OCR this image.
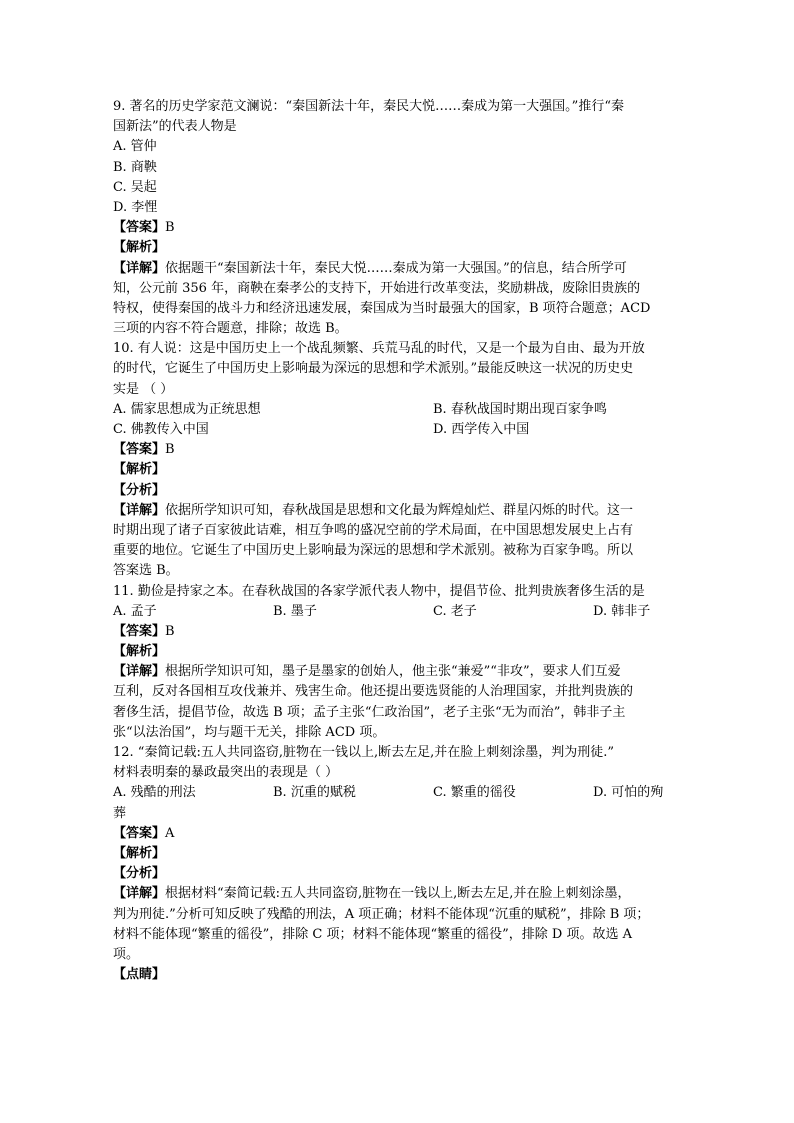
9. 著名的历史学家范文澜说：“秦国新法十年，秦民大悦……秦成为第一大强国。”推行“秦
国新法”的代表人物是
A. 管仲
B. 商鞅
C. 吴起
D. 李悝
【答案】B
【解析】
【详解】依据题干“秦国新法十年，秦民大悦……秦成为第一大强国。”的信息，结合所学可
知，公元前 356 年，商鞅在秦孝公的支持下，开始进行改革变法，奖励耕战，废除旧贵族的
特权，使得秦国的战斗力和经济迅速发展，秦国成为当时最强大的国家，B 项符合题意；ACD
三项的内容不符合题意，排除；故选 B。
10. 有人说：这是中国历史上一个战乱频繁、兵荒马乱的时代，又是一个最为自由、最为开放
的时代，它诞生了中国历史上影响最为深远的思想和学术派别。”最能反映这一状况的历史史
实是 （ ）
A. 儒家思想成为正统思想	B. 春秋战国时期出现百家争鸣
C. 佛教传入中国	D. 西学传入中国
【答案】B
【解析】
【分析】
【详解】依据所学知识可知，春秋战国是思想和文化最为辉煌灿烂、群星闪烁的时代。这一
时期出现了诸子百家彼此诘难，相互争鸣的盛况空前的学术局面，在中国思想发展史上占有
重要的地位。它诞生了中国历史上影响最为深远的思想和学术派别。被称为百家争鸣。所以
答案选 B。
11. 勤俭是持家之本。在春秋战国的各家学派代表人物中，提倡节俭、批判贵族奢侈生活的是
A. 孟子	B. 墨子	C. 老子	D. 韩非子
【答案】B
【解析】
【详解】根据所学知识可知，墨子是墨家的创始人，他主张“兼爱”“非攻”，要求人们互爱
互利，反对各国相互攻伐兼并、残害生命。他还提出要选贤能的人治理国家，并批判贵族的
奢侈生活，提倡节俭，故选 B 项；孟子主张“仁政治国”，老子主张“无为而治”，韩非子主
张“以法治国”，均与题干无关，排除 ACD 项。
12. “秦简记载:五人共同盗窃,脏物在一钱以上,断去左足,并在脸上刺刻涂墨，判为刑徒.”
材料表明秦的暴政最突出的表现是（ ）
A. 残酷的刑法	B. 沉重的赋税	C. 繁重的徭役	D. 可怕的殉
葬
【答案】A
【解析】
【分析】
【详解】根据材料“秦简记载:五人共同盗窃,脏物在一钱以上,断去左足,并在脸上刺刻涂墨，
判为刑徒.”分析可知反映了残酷的刑法，A 项正确；材料不能体现“沉重的赋税”，排除 B 项；
材料不能体现“繁重的徭役”，排除 C 项；材料不能体现“繁重的徭役”，排除 D 项。故选 A
项。
【点睛】
